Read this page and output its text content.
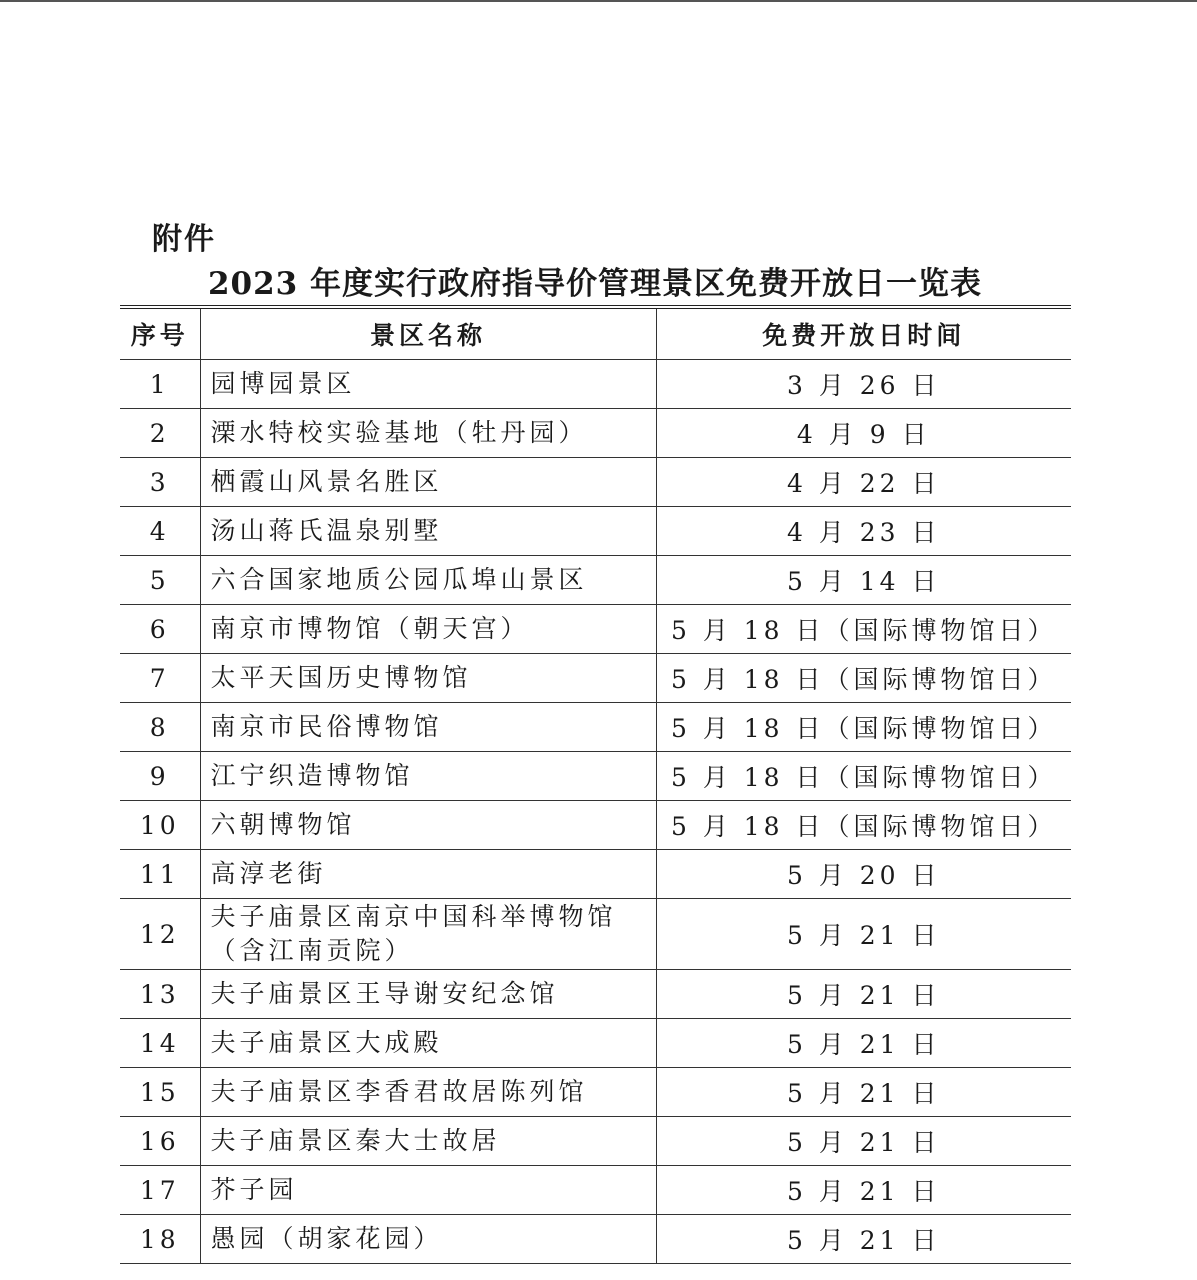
附件
2023 年度实行政府指导价管理景区免费开放日一览表
序号	景区名称	免费开放日时间
1	园博园景区	3 月 26 日
2	溧水特校实验基地（牡丹园）	4 月 9 日
3	栖霞山风景名胜区	4 月 22 日
4	汤山蒋氏温泉别墅	4 月 23 日
5	六合国家地质公园瓜埠山景区	5 月 14 日
6	南京市博物馆（朝天宫）	5 月 18 日（国际博物馆日）
7	太平天国历史博物馆	5 月 18 日（国际博物馆日）
8	南京市民俗博物馆	5 月 18 日（国际博物馆日）
9	江宁织造博物馆	5 月 18 日（国际博物馆日）
10	六朝博物馆	5 月 18 日（国际博物馆日）
11	高淳老街	5 月 20 日
12	夫子庙景区南京中国科举博物馆（含江南贡院）	5 月 21 日
13	夫子庙景区王导谢安纪念馆	5 月 21 日
14	夫子庙景区大成殿	5 月 21 日
15	夫子庙景区李香君故居陈列馆	5 月 21 日
16	夫子庙景区秦大士故居	5 月 21 日
17	芥子园	5 月 21 日
18	愚园（胡家花园）	5 月 21 日
